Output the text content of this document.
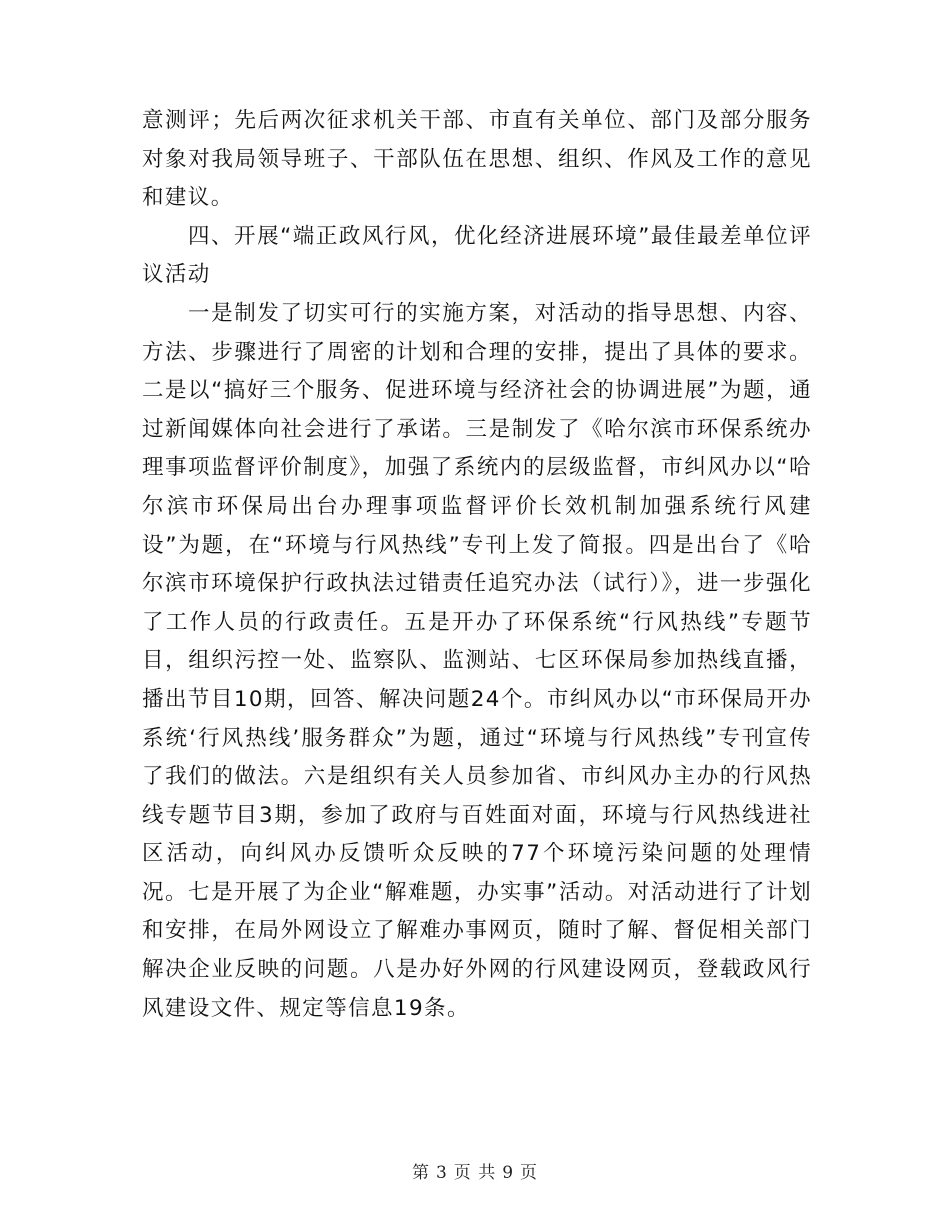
意测评；先后两次征求机关干部、市直有关单位、部门及部分服务对象对我局领导班子、干部队伍在思想、组织、作风及工作的意见和建议。

四、开展“端正政风行风，优化经济进展环境”最佳最差单位评议活动

一是制发了切实可行的实施方案，对活动的指导思想、内容、方法、步骤进行了周密的计划和合理的安排，提出了具体的要求。二是以“搞好三个服务、促进环境与经济社会的协调进展”为题，通过新闻媒体向社会进行了承诺。三是制发了《哈尔滨市环保系统办理事项监督评价制度》，加强了系统内的层级监督，市纠风办以“哈尔滨市环保局出台办理事项监督评价长效机制加强系统行风建设”为题，在“环境与行风热线”专刊上发了简报。四是出台了《哈尔滨市环境保护行政执法过错责任追究办法（试行）》，进一步强化了工作人员的行政责任。五是开办了环保系统“行风热线”专题节目，组织污控一处、监察队、监测站、七区环保局参加热线直播，播出节目10期，回答、解决问题24个。市纠风办以“市环保局开办系统‘行风热线’服务群众”为题，通过“环境与行风热线”专刊宣传了我们的做法。六是组织有关人员参加省、市纠风办主办的行风热线专题节目3期，参加了政府与百姓面对面，环境与行风热线进社区活动，向纠风办反馈听众反映的77个环境污染问题的处理情况。七是开展了为企业“解难题，办实事”活动。对活动进行了计划和安排，在局外网设立了解难办事网页，随时了解、督促相关部门解决企业反映的问题。八是办好外网的行风建设网页，登载政风行风建设文件、规定等信息19条。

第 3 页 共 9 页
